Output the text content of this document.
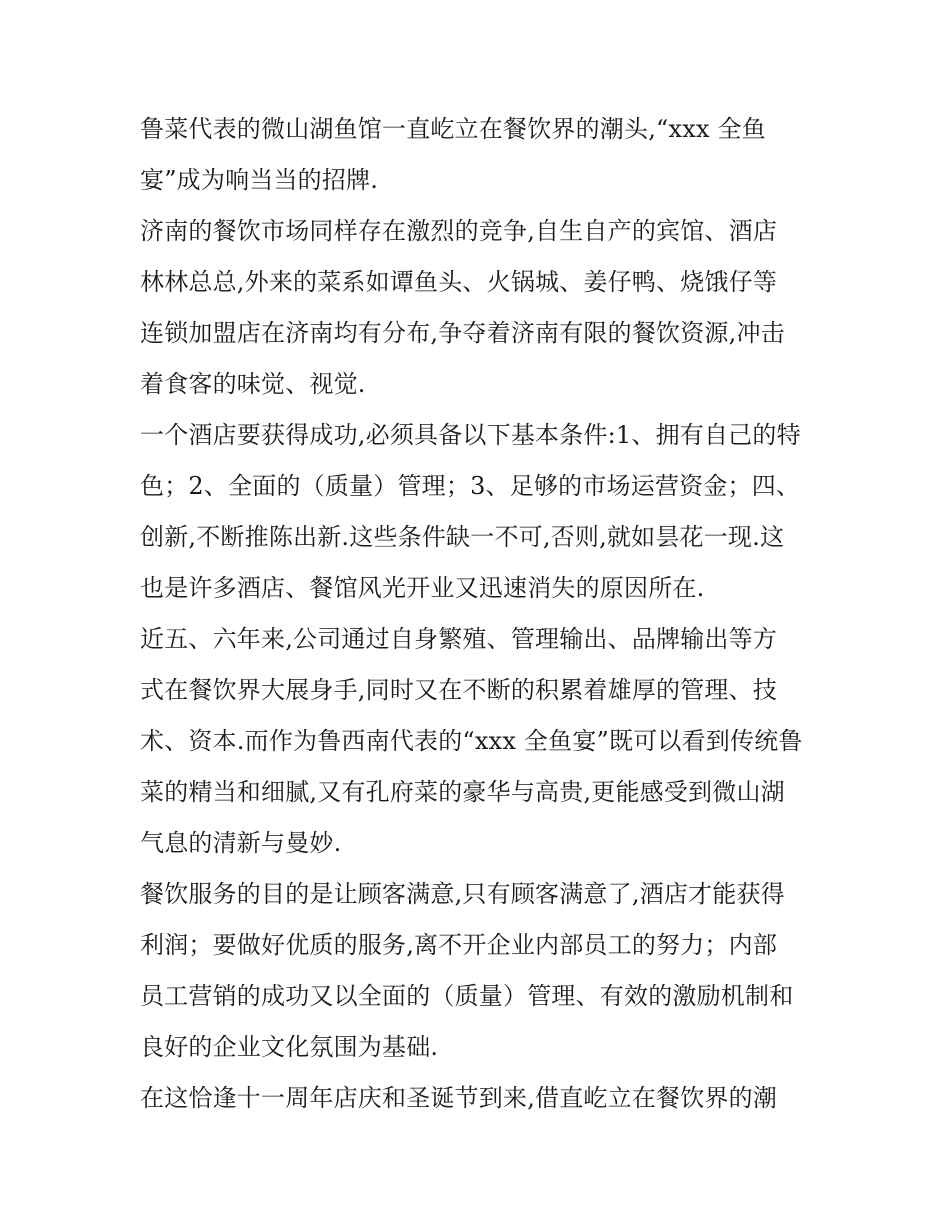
鲁菜代表的微山湖鱼馆一直屹立在餐饮界的潮头,“xxx 全鱼
宴”成为响当当的招牌.
济南的餐饮市场同样存在激烈的竞争,自生自产的宾馆、酒店
林林总总,外来的菜系如谭鱼头、火锅城、姜仔鸭、烧饿仔等
连锁加盟店在济南均有分布,争夺着济南有限的餐饮资源,冲击
着食客的味觉、视觉.
一个酒店要获得成功,必须具备以下基本条件:1、拥有自己的特
色；2、全面的（质量）管理；3、足够的市场运营资金；四、
创新,不断推陈出新.这些条件缺一不可,否则,就如昙花一现.这
也是许多酒店、餐馆风光开业又迅速消失的原因所在.
近五、六年来,公司通过自身繁殖、管理输出、品牌输出等方
式在餐饮界大展身手,同时又在不断的积累着雄厚的管理、技
术、资本.而作为鲁西南代表的“xxx 全鱼宴”既可以看到传统鲁
菜的精当和细腻,又有孔府菜的豪华与高贵,更能感受到微山湖
气息的清新与曼妙.
餐饮服务的目的是让顾客满意,只有顾客满意了,酒店才能获得
利润；要做好优质的服务,离不开企业内部员工的努力；内部
员工营销的成功又以全面的（质量）管理、有效的激励机制和
良好的企业文化氛围为基础.
在这恰逢十一周年店庆和圣诞节到来,借直屹立在餐饮界的潮
